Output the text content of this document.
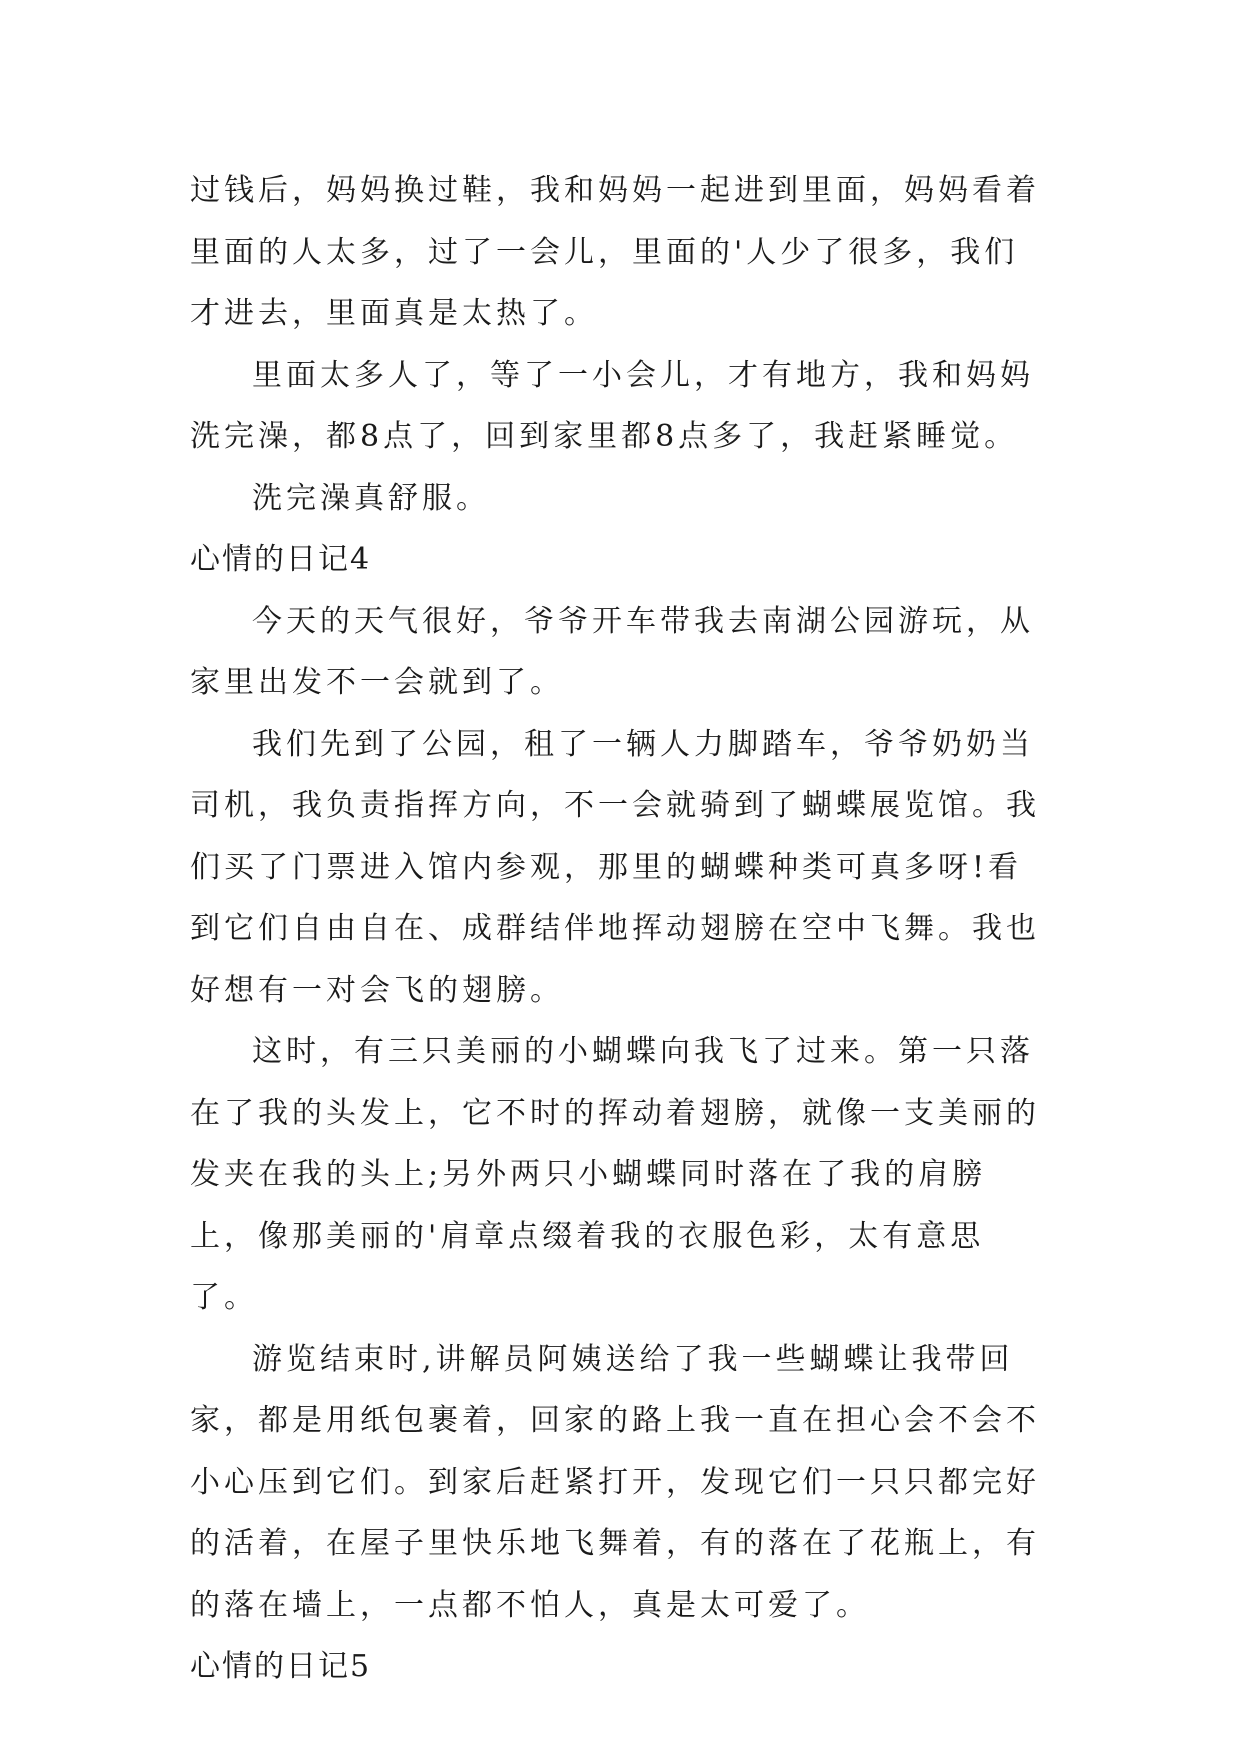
过钱后，妈妈换过鞋，我和妈妈一起进到里面，妈妈看着里面的人太多，过了一会儿，里面的'人少了很多，我们才进去，里面真是太热了。

里面太多人了，等了一小会儿，才有地方，我和妈妈洗完澡，都8点了，回到家里都8点多了，我赶紧睡觉。

洗完澡真舒服。

心情的日记4

今天的天气很好，爷爷开车带我去南湖公园游玩，从家里出发不一会就到了。

我们先到了公园，租了一辆人力脚踏车，爷爷奶奶当司机，我负责指挥方向，不一会就骑到了蝴蝶展览馆。我们买了门票进入馆内参观，那里的蝴蝶种类可真多呀!看到它们自由自在、成群结伴地挥动翅膀在空中飞舞。我也好想有一对会飞的翅膀。

这时，有三只美丽的小蝴蝶向我飞了过来。第一只落在了我的头发上，它不时的挥动着翅膀，就像一支美丽的发夹在我的头上;另外两只小蝴蝶同时落在了我的肩膀上，像那美丽的'肩章点缀着我的衣服色彩，太有意思了。

游览结束时,讲解员阿姨送给了我一些蝴蝶让我带回家，都是用纸包裹着，回家的路上我一直在担心会不会不小心压到它们。到家后赶紧打开，发现它们一只只都完好的活着，在屋子里快乐地飞舞着，有的落在了花瓶上，有的落在墙上，一点都不怕人，真是太可爱了。

心情的日记5
